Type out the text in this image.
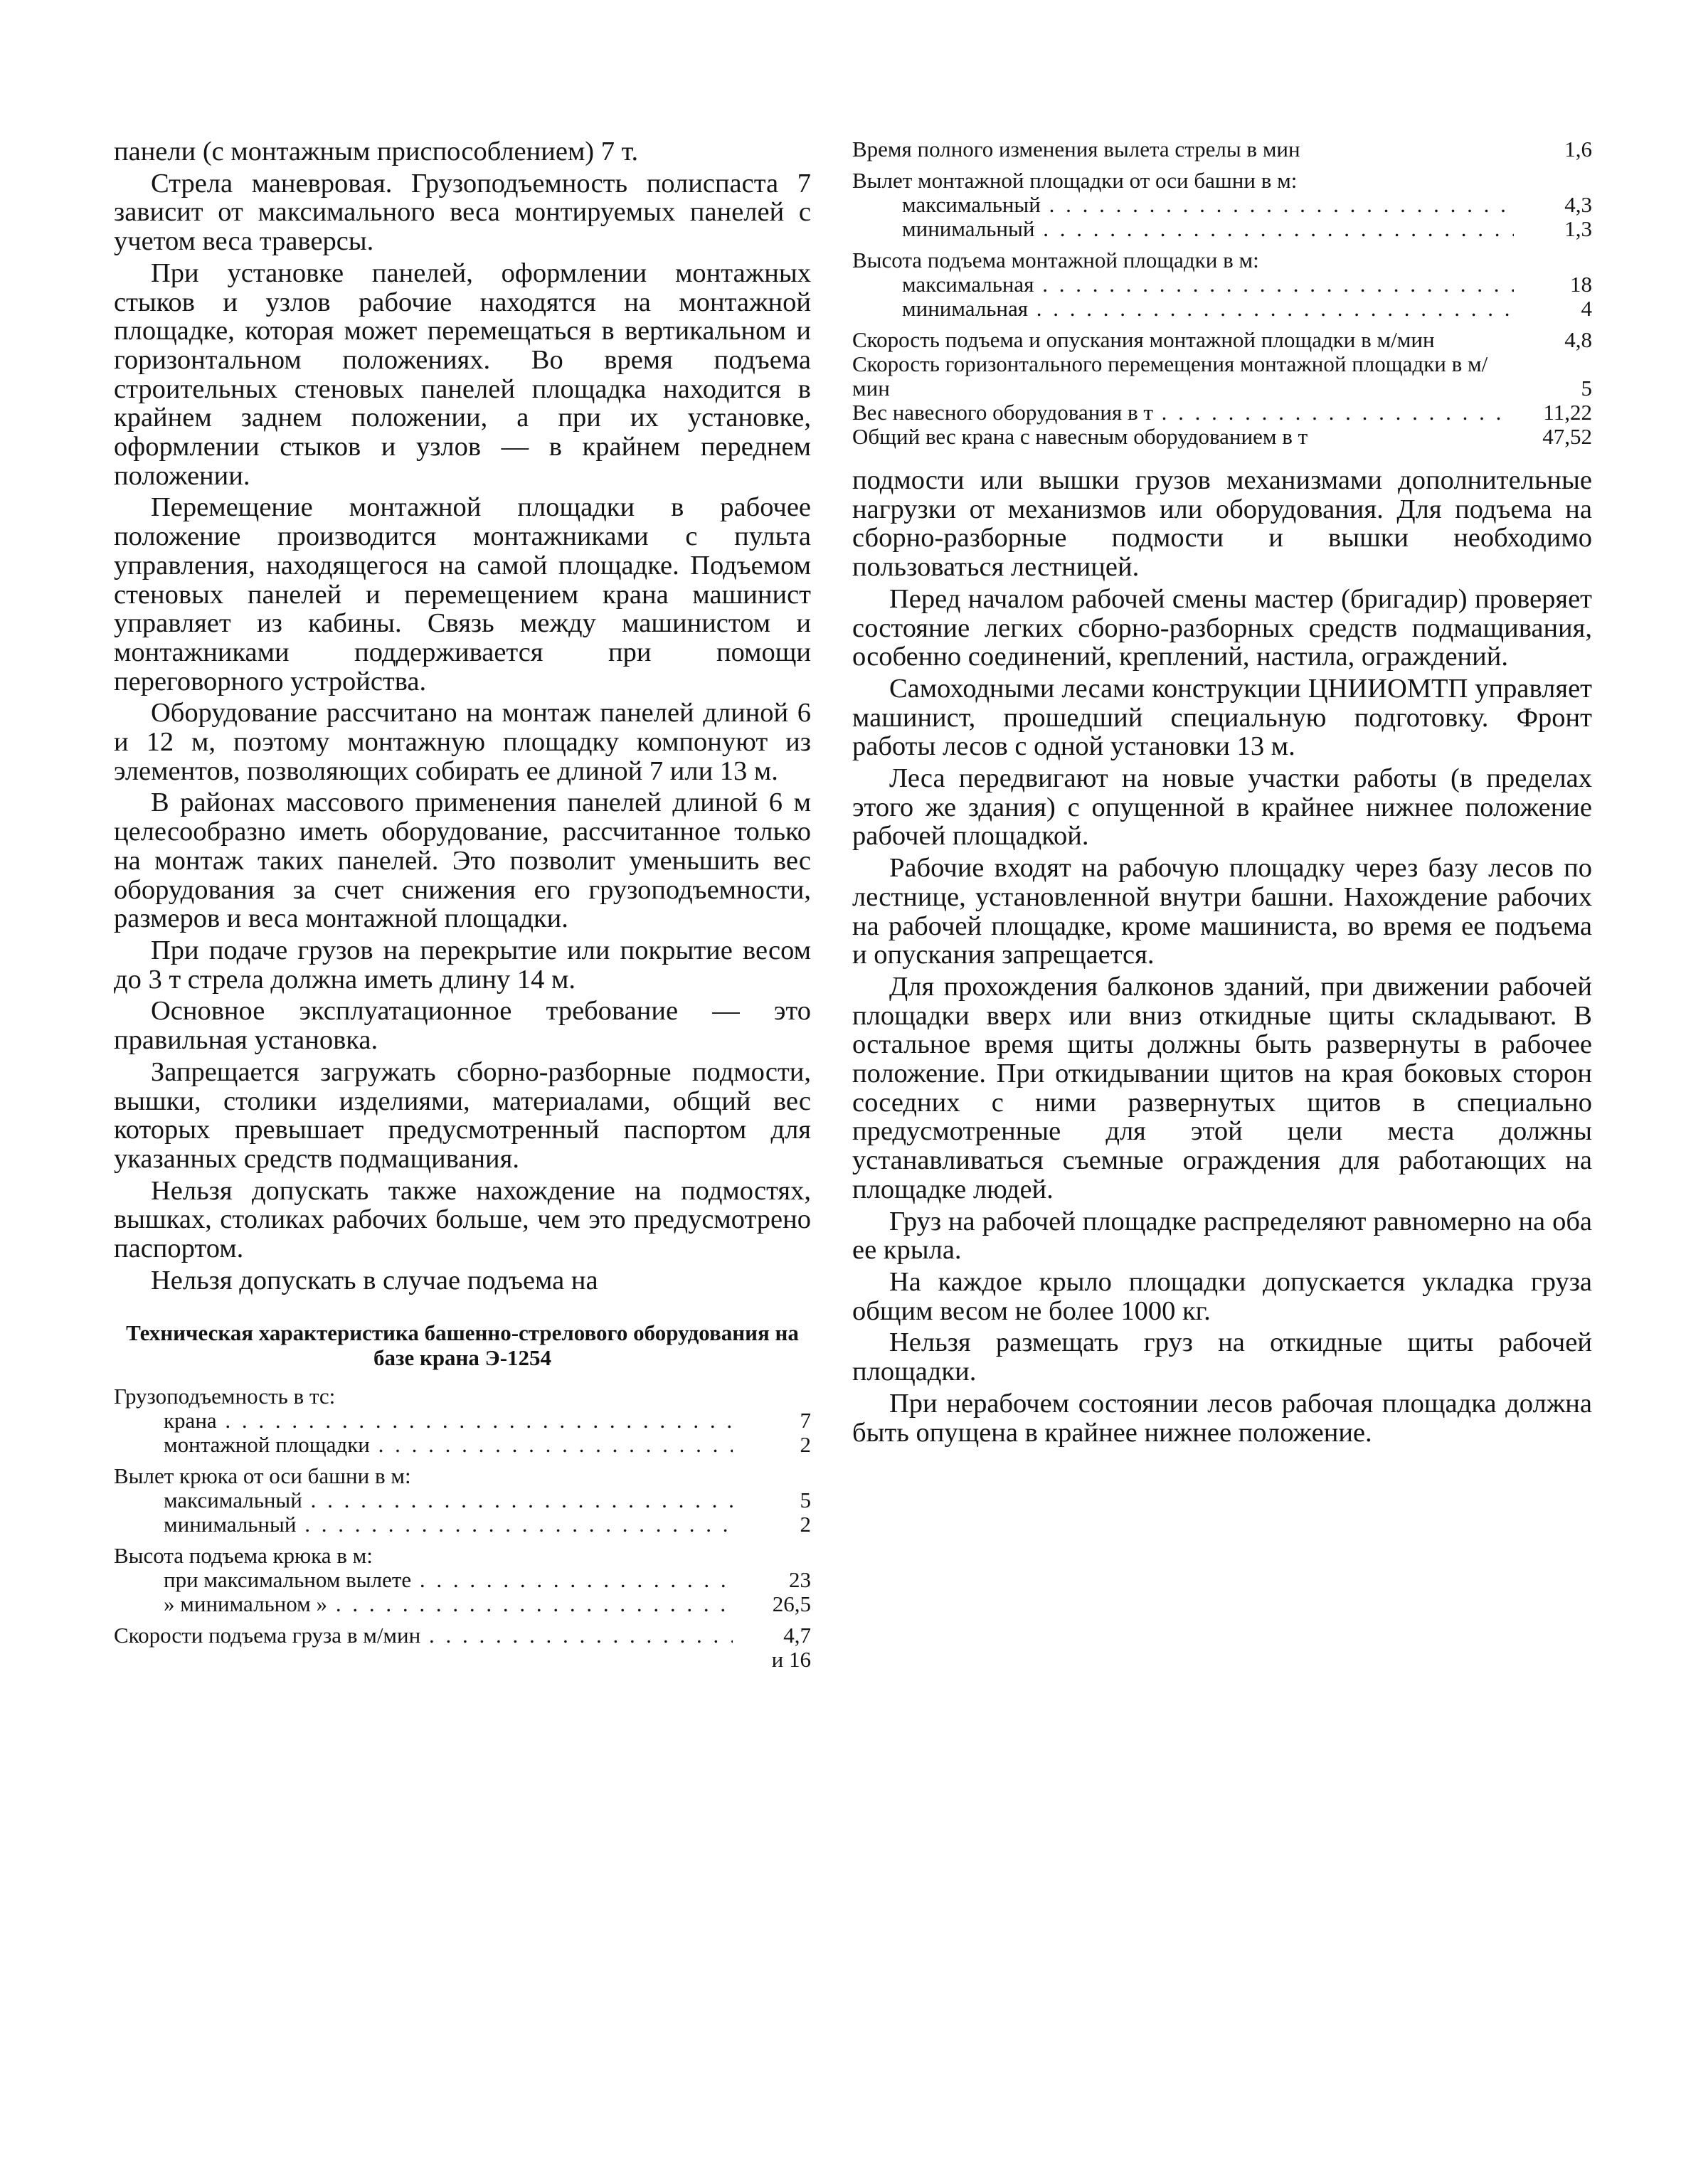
панели (с монтажным приспособлением) 7 т.

Стрела маневровая. Грузоподъемность полиспаста 7 зависит от максимального веса монтируемых панелей с учетом веса траверсы.

При установке панелей, оформлении монтажных стыков и узлов рабочие находятся на монтажной площадке, которая может перемещаться в вертикальном и горизонтальном положениях. Во время подъема строительных стеновых панелей площадка находится в крайнем заднем положении, а при их установке, оформлении стыков и узлов — в крайнем переднем положении.

Перемещение монтажной площадки в рабочее положение производится монтажниками с пульта управления, находящегося на самой площадке. Подъемом стеновых панелей и перемещением крана машинист управляет из кабины. Связь между машинистом и монтажниками поддерживается при помощи переговорного устройства.

Оборудование рассчитано на монтаж панелей длиной 6 и 12 м, поэтому монтажную площадку компонуют из элементов, позволяющих собирать ее длиной 7 или 13 м.

В районах массового применения панелей длиной 6 м целесообразно иметь оборудование, рассчитанное только на монтаж таких панелей. Это позволит уменьшить вес оборудования за счет снижения его грузоподъемности, размеров и веса монтажной площадки.

При подаче грузов на перекрытие или покрытие весом до 3 т стрела должна иметь длину 14 м.

Основное эксплуатационное требование — это правильная установка.

Запрещается загружать сборно-разборные подмости, вышки, столики изделиями, материалами, общий вес которых превышает предусмотренный паспортом для указанных средств подмащивания.

Нельзя допускать также нахождение на подмостях, вышках, столиках рабочих больше, чем это предусмотрено паспортом.

Нельзя допускать в случае подъема на

Техническая характеристика башенно-стрелового оборудования на базе крана Э-1254
Грузоподъемность в тс:
крана . . .	7
монтажной площадки . . .	2
Вылет крюка от оси башни в м:
максимальный . . .	5
минимальный . . .	2
Высота подъема крюка в м:
при максимальном вылете . . .	23
» минимальном » . . .	26,5
Скорости подъема груза в м/мин . . .	4,7
и 16
Время полного изменения вылета стрелы в мин	1,6
Вылет монтажной площадки от оси башни в м:
максимальный . . .	4,3
минимальный . . .	1,3
Высота подъема монтажной площадки в м:
максимальная . . .	18
минимальная . . .	4
Скорость подъема и опускания монтажной площадки в м/мин	4,8
Скорость горизонтального перемещения монтажной площадки в м/мин	5
Вес навесного оборудования в т . . .	11,22
Общий вес крана с навесным оборудованием в т	47,52

подмости или вышки грузов механизмами дополнительные нагрузки от механизмов или оборудования. Для подъема на сборно-разборные подмости и вышки необходимо пользоваться лестницей.

Перед началом рабочей смены мастер (бригадир) проверяет состояние легких сборно-разборных средств подмащивания, особенно соединений, креплений, настила, ограждений.

Самоходными лесами конструкции ЦНИИОМТП управляет машинист, прошедший специальную подготовку. Фронт работы лесов с одной установки 13 м.

Леса передвигают на новые участки работы (в пределах этого же здания) с опущенной в крайнее нижнее положение рабочей площадкой.

Рабочие входят на рабочую площадку через базу лесов по лестнице, установленной внутри башни. Нахождение рабочих на рабочей площадке, кроме машиниста, во время ее подъема и опускания запрещается.

Для прохождения балконов зданий, при движении рабочей площадки вверх или вниз откидные щиты складывают. В остальное время щиты должны быть развернуты в рабочее положение. При откидывании щитов на края боковых сторон соседних с ними развернутых щитов в специально предусмотренные для этой цели места должны устанавливаться съемные ограждения для работающих на площадке людей.

Груз на рабочей площадке распределяют равномерно на оба ее крыла.

На каждое крыло площадки допускается укладка груза общим весом не более 1000 кг.

Нельзя размещать груз на откидные щиты рабочей площадки.

При нерабочем состоянии лесов рабочая площадка должна быть опущена в крайнее нижнее положение.
